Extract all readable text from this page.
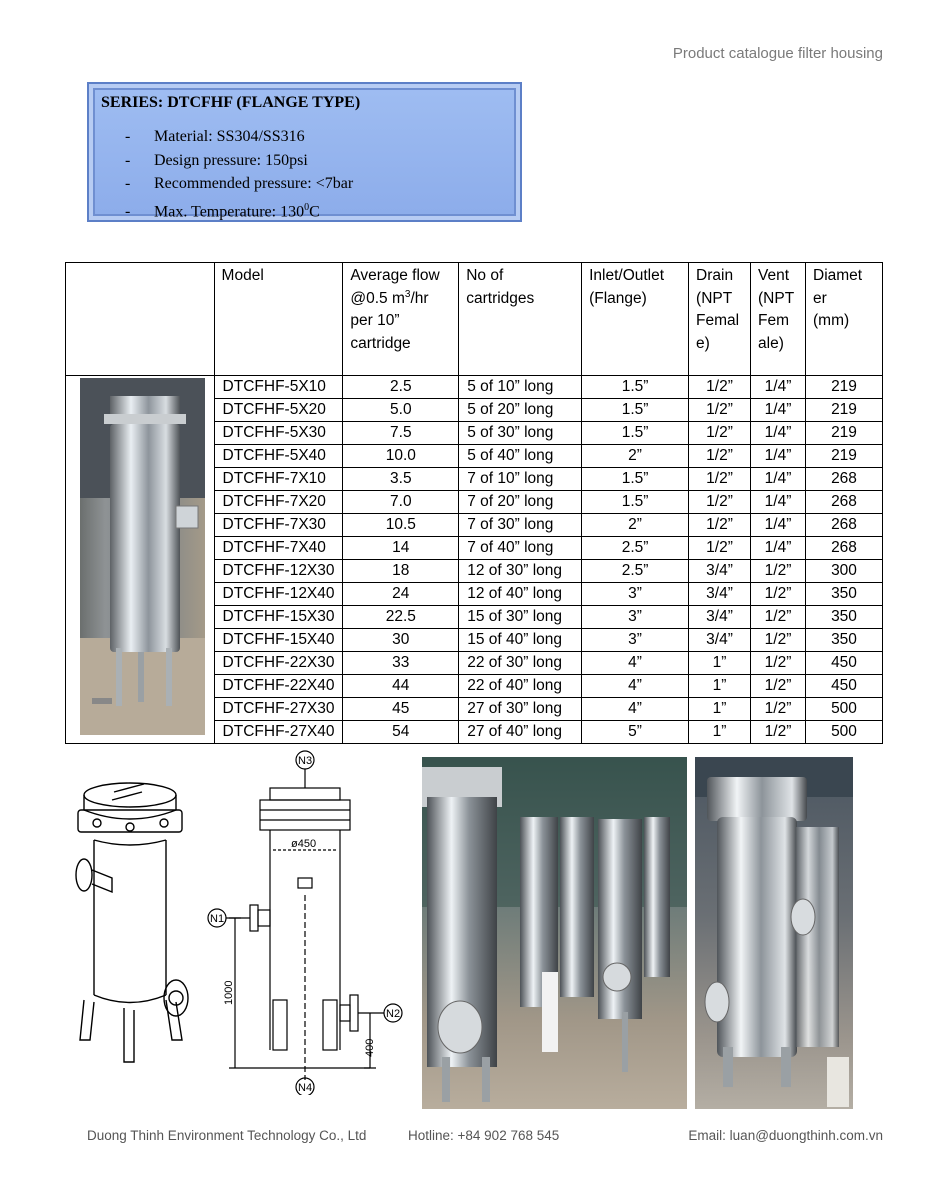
Product catalogue filter housing
SERIES: DTCFHF (FLANGE TYPE)
- Material: SS304/SS316
- Design pressure: 150psi
- Recommended pressure: <7bar
- Max. Temperature: $130^0C$
	Model	Average flow
@0.5 $m^3/hr$
per 10”
cartridge	No of
cartridges	Inlet/Outlet
(Flange)	Drain
(NPT
Femal
e)	Vent
(NPT
Fem
ale)	Diamet
er
(mm)
	DTCFHF-5X10	2.5	5 of 10” long	1.5”	1/2”	1/4”	219
	DTCFHF-5X20	5.0	5 of 20” long	1.5”	1/2”	1/4”	219
	DTCFHF-5X30	7.5	5 of 30” long	1.5”	1/2”	1/4”	219
	DTCFHF-5X40	10.0	5 of 40” long	2”	1/2”	1/4”	219
	DTCFHF-7X10	3.5	7 of 10” long	1.5”	1/2”	1/4”	268
	DTCFHF-7X20	7.0	7 of 20” long	1.5”	1/2”	1/4”	268
	DTCFHF-7X30	10.5	7 of 30” long	2”	1/2”	1/4”	268
	DTCFHF-7X40	14	7 of 40” long	2.5”	1/2”	1/4”	268
	DTCFHF-12X30	18	12 of 30” long	2.5”	3/4”	1/2”	300
	DTCFHF-12X40	24	12 of 40” long	3”	3/4”	1/2”	350
	DTCFHF-15X30	22.5	15 of 30” long	3”	3/4”	1/2”	350
	DTCFHF-15X40	30	15 of 40” long	3”	3/4”	1/2”	350
	DTCFHF-22X30	33	22 of 30” long	4”	1”	1/2”	450
	DTCFHF-22X40	44	22 of 40” long	4”	1”	1/2”	450
	DTCFHF-27X30	45	27 of 30” long	4”	1”	1/2”	500
	DTCFHF-27X40	54	27 of 40” long	5”	1”	1/2”	500
N3
ø450
N1
N2
1000
400
N4
Duong Thinh Environment Technology Co., Ltd	Hotline: +84 902 768 545	Email: luan@duongthinh.com.vn
